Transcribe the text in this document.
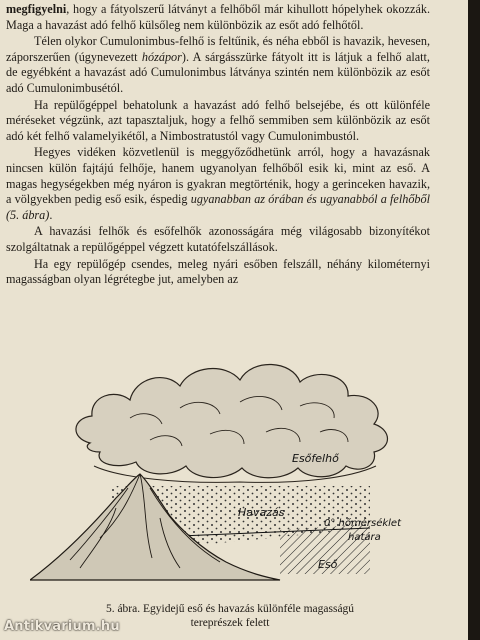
megfigyelni, hogy a fátyolszerű látványt a felhőből már kihullott hópelyhek okozzák. Maga a havazást adó felhő külsőleg nem különbözik az esőt adó felhőtől.

Télen olykor Cumulonimbus-felhő is feltűnik, és néha ebből is havazik, hevesen, záporszerűen (úgynevezett hózápor). A sárgásszürke fátyolt itt is látjuk a felhő alatt, de egyébként a havazást adó Cumulonimbus látványa szintén nem különbözik az esőt adó Cumulonimbusétól.

Ha repülőgéppel behatolunk a havazást adó felhő belsejébe, és ott különféle méréseket végzünk, azt tapasztaljuk, hogy a felhő semmiben sem különbözik az esőt adó két felhő valamelyikétől, a Nimbostratustól vagy Cumulonimbustól.

Hegyes vidéken közvetlenül is meggyőződhetünk arról, hogy a havazásnak nincsen külön fajtájú felhője, hanem ugyanolyan felhőből esik ki, mint az eső. A magas hegységekben még nyáron is gyakran megtörténik, hogy a gerinceken havazik, a völgyekben pedig eső esik, éspedig ugyanabban az órában és ugyanabból a felhőből (5. ábra).

A havazási felhők és esőfelhők azonosságára még világosabb bizonyítékot szolgáltatnak a repülőgéppel végzett kutatófelszállások.

Ha egy repülőgép csendes, meleg nyári esőben felszáll, néhány kilométernyi magasságban olyan légrétegbe jut, amelyben az

Esőfelhő
Havazás
0° hőmérséklet
határa
Eső
5. ábra. Egyidejű eső és havazás különféle magasságú
tereprészek felett
Antikvarium.hu
